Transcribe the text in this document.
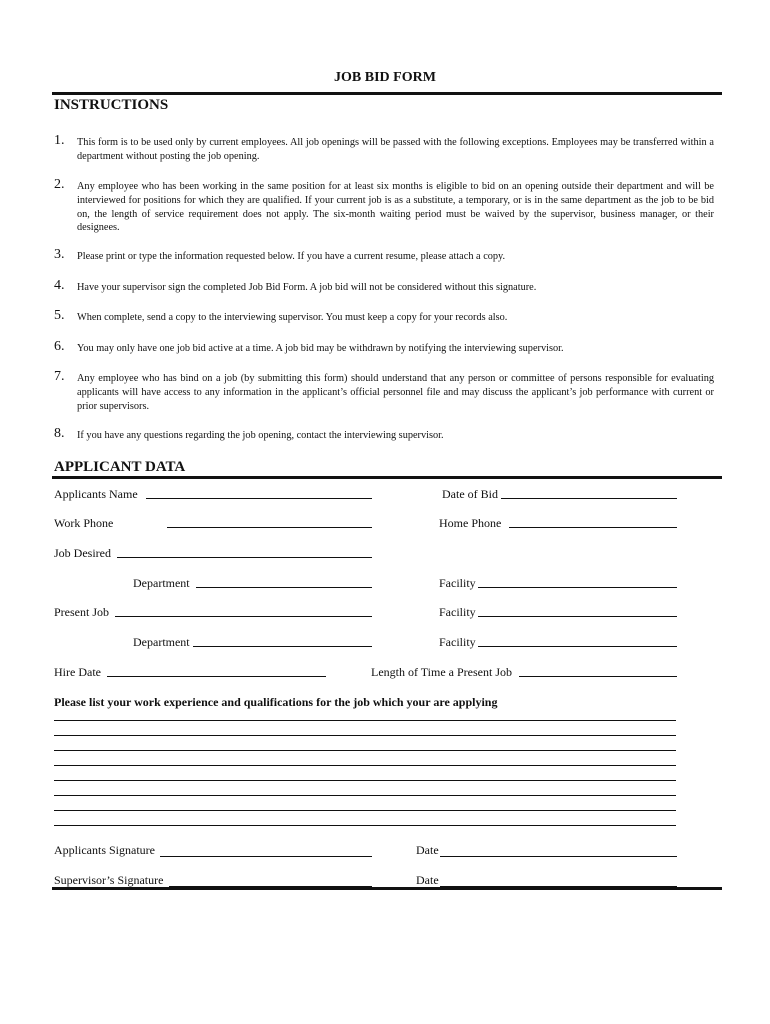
JOB BID FORM
INSTRUCTIONS
1. This form is to be used only by current employees. All job openings will be passed with the following exceptions. Employees may be transferred within a department without posting the job opening.
2. Any employee who has been working in the same position for at least six months is eligible to bid on an opening outside their department and will be interviewed for positions for which they are qualified. If your current job is as a substitute, a temporary, or is in the same department as the job to be bid on, the length of service requirement does not apply. The six-month waiting period must be waived by the supervisor, business manager, or their designees.
3. Please print or type the information requested below. If you have a current resume, please attach a copy.
4. Have your supervisor sign the completed Job Bid Form. A job bid will not be considered without this signature.
5. When complete, send a copy to the interviewing supervisor. You must keep a copy for your records also.
6. You may only have one job bid active at a time. A job bid may be withdrawn by notifying the interviewing supervisor.
7. Any employee who has bind on a job (by submitting this form) should understand that any person or committee of persons responsible for evaluating applicants will have access to any information in the applicant’s official personnel file and may discuss the applicant’s job performance with current or prior supervisors.
8. If you have any questions regarding the job opening, contact the interviewing supervisor.
APPLICANT DATA
Applicants Name	Date of Bid
Work Phone	Home Phone
Job Desired
Department	Facility
Present Job	Facility
Department	Facility
Hire Date	Length of Time a Present Job
Please list your work experience and qualifications for the job which your are applying
Applicants Signature	Date
Supervisor’s Signature	Date
